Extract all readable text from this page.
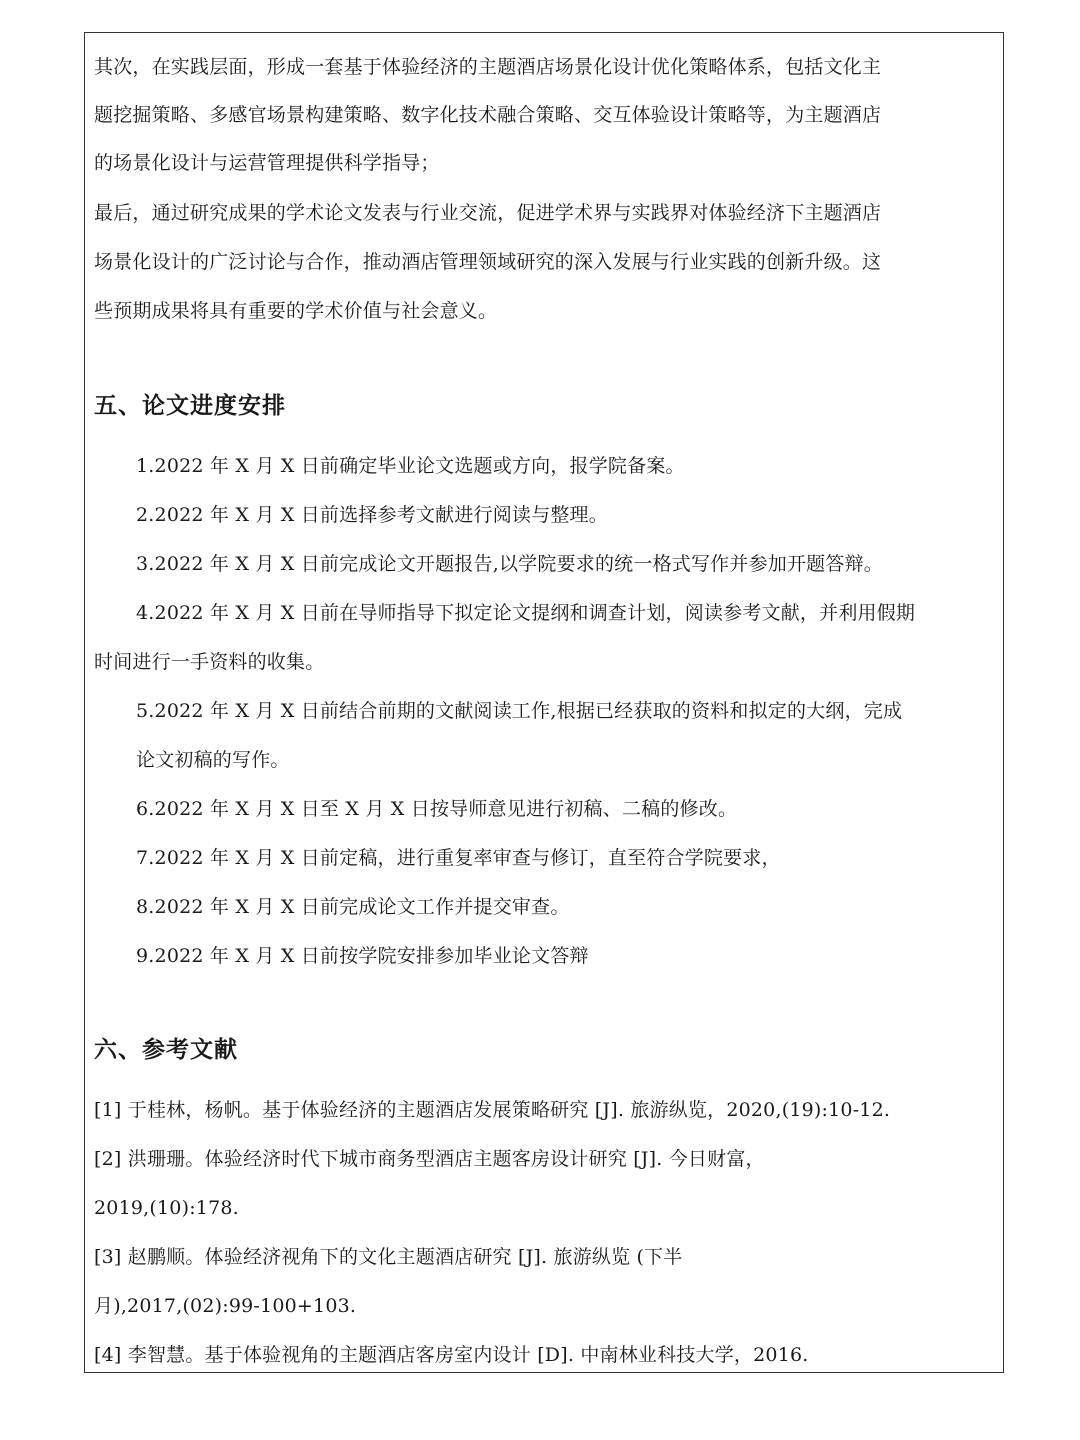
其次，在实践层面，形成一套基于体验经济的主题酒店场景化设计优化策略体系，包括文化主
题挖掘策略、多感官场景构建策略、数字化技术融合策略、交互体验设计策略等，为主题酒店
的场景化设计与运营管理提供科学指导；
最后，通过研究成果的学术论文发表与行业交流，促进学术界与实践界对体验经济下主题酒店
场景化设计的广泛讨论与合作，推动酒店管理领域研究的深入发展与行业实践的创新升级。这
些预期成果将具有重要的学术价值与社会意义。
五、论文进度安排
1.2022 年 X 月 X 日前确定毕业论文选题或方向，报学院备案。
2.2022 年 X 月 X 日前选择参考文献进行阅读与整理。
3.2022 年 X 月 X 日前完成论文开题报告,以学院要求的统一格式写作并参加开题答辩。
4.2022 年 X 月 X 日前在导师指导下拟定论文提纲和调查计划，阅读参考文献，并利用假期
时间进行一手资料的收集。
5.2022 年 X 月 X 日前结合前期的文献阅读工作,根据已经获取的资料和拟定的大纲，完成
论文初稿的写作。
6.2022 年 X 月 X 日至 X 月 X 日按导师意见进行初稿、二稿的修改。
7.2022 年 X 月 X 日前定稿，进行重复率审查与修订，直至符合学院要求，
8.2022 年 X 月 X 日前完成论文工作并提交审查。
9.2022 年 X 月 X 日前按学院安排参加毕业论文答辩
六、参考文献
[1] 于桂林，杨帆。基于体验经济的主题酒店发展策略研究 [J]. 旅游纵览，2020,(19):10-12.
[2] 洪珊珊。体验经济时代下城市商务型酒店主题客房设计研究 [J]. 今日财富，
2019,(10):178.
[3] 赵鹏顺。体验经济视角下的文化主题酒店研究 [J]. 旅游纵览 (下半
月),2017,(02):99-100+103.
[4] 李智慧。基于体验视角的主题酒店客房室内设计 [D]. 中南林业科技大学，2016.
